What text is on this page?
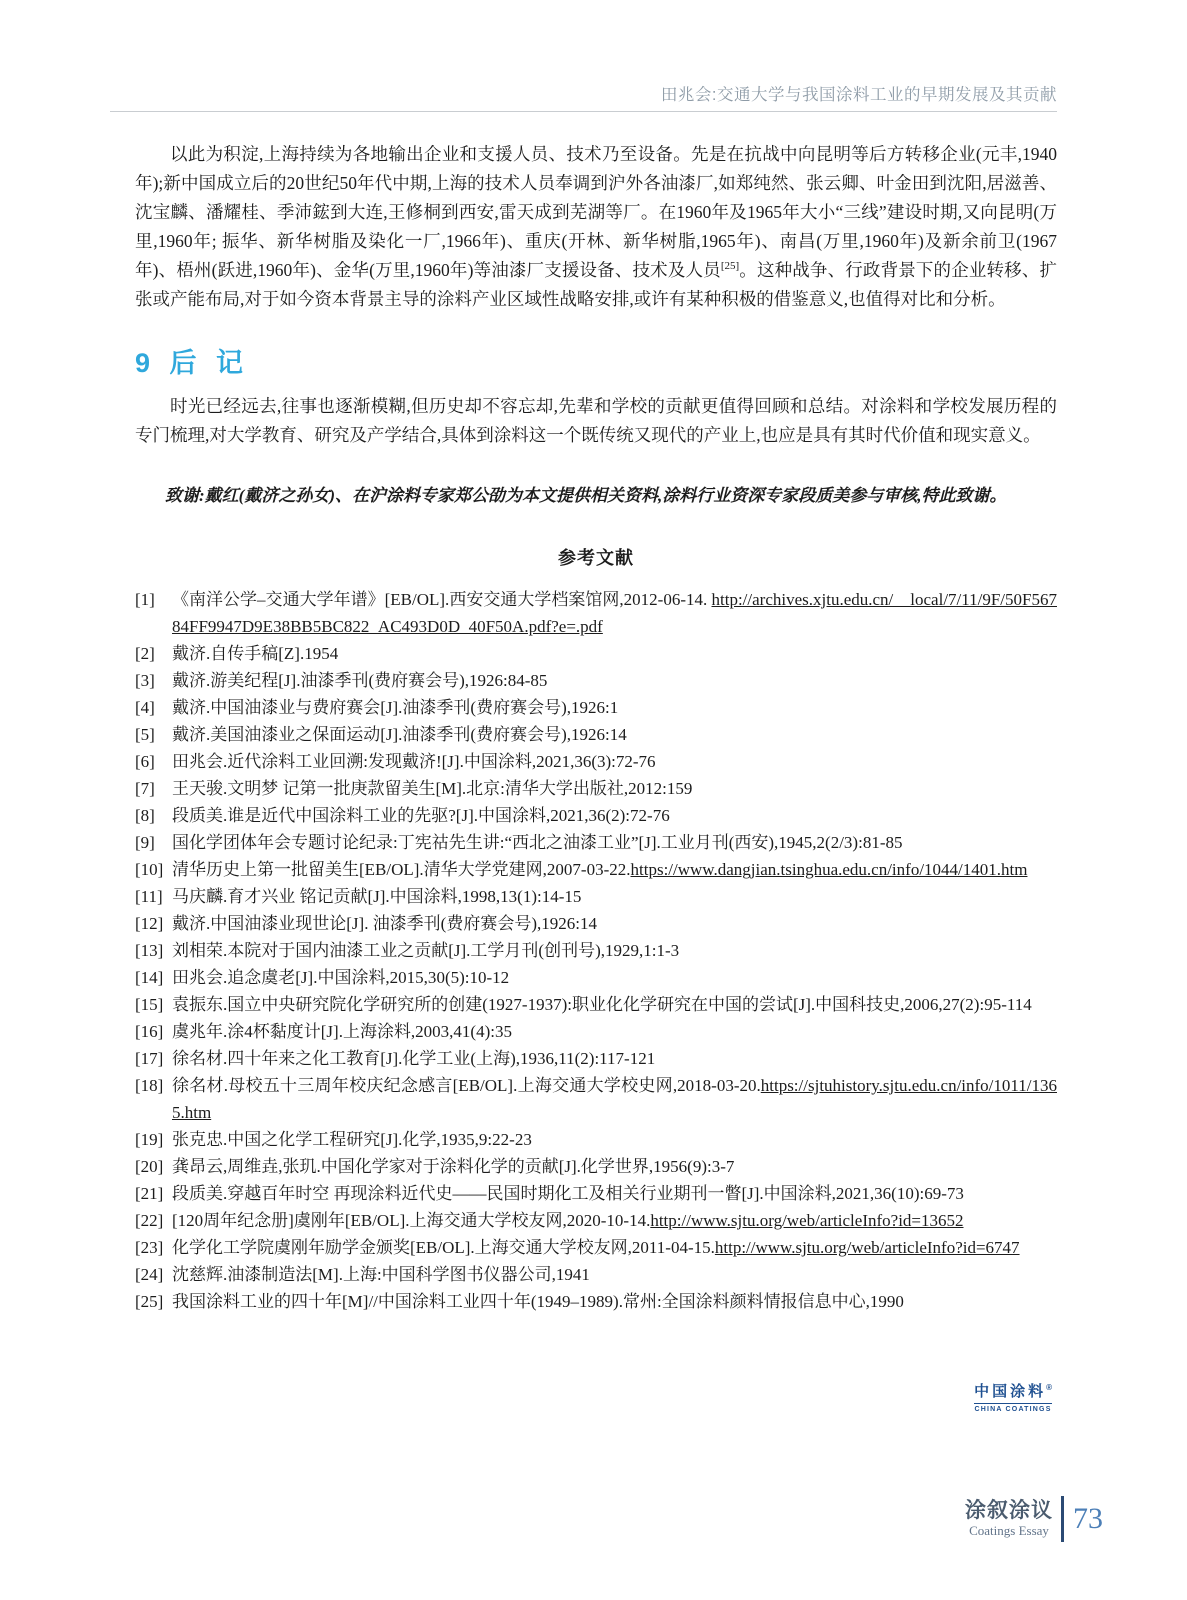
田兆会:交通大学与我国涂料工业的早期发展及其贡献

以此为积淀,上海持续为各地输出企业和支援人员、技术乃至设备。先是在抗战中向昆明等后方转移企业(元丰,1940年);新中国成立后的20世纪50年代中期,上海的技术人员奉调到沪外各油漆厂,如郑纯然、张云卿、叶金田到沈阳,居滋善、沈宝麟、潘耀桂、季沛鋐到大连,王修桐到西安,雷天成到芜湖等厂。在1960年及1965年大小“三线”建设时期,又向昆明(万里,1960年; 振华、新华树脂及染化一厂,1966年)、重庆(开林、新华树脂,1965年)、南昌(万里,1960年)及新余前卫(1967年)、梧州(跃进,1960年)、金华(万里,1960年)等油漆厂支援设备、技术及人员[25]。这种战争、行政背景下的企业转移、扩张或产能布局,对于如今资本背景主导的涂料产业区域性战略安排,或许有某种积极的借鉴意义,也值得对比和分析。

9 后 记

时光已经远去,往事也逐渐模糊,但历史却不容忘却,先辈和学校的贡献更值得回顾和总结。对涂料和学校发展历程的专门梳理,对大学教育、研究及产学结合,具体到涂料这一个既传统又现代的产业上,也应是具有其时代价值和现实意义。

致谢:戴红(戴济之孙女)、在沪涂料专家郑公劭为本文提供相关资料,涂料行业资深专家段质美参与审核,特此致谢。

参考文献
[1] 《南洋公学–交通大学年谱》[EB/OL].西安交通大学档案馆网,2012-06-14. http://archives.xjtu.edu.cn/__local/7/11/9F/50F56784FF9947D9E38BB5BC822_AC493D0D_40F50A.pdf?e=.pdf
[2] 戴济.自传手稿[Z].1954
[3] 戴济.游美纪程[J].油漆季刊(费府赛会号),1926:84-85
[4] 戴济.中国油漆业与费府赛会[J].油漆季刊(费府赛会号),1926:1
[5] 戴济.美国油漆业之保面运动[J].油漆季刊(费府赛会号),1926:14
[6] 田兆会.近代涂料工业回溯:发现戴济![J].中国涂料,2021,36(3):72-76
[7] 王天骏.文明梦 记第一批庚款留美生[M].北京:清华大学出版社,2012:159
[8] 段质美.谁是近代中国涂料工业的先驱?[J].中国涂料,2021,36(2):72-76
[9] 国化学团体年会专题讨论纪录:丁宪祜先生讲:“西北之油漆工业”[J].工业月刊(西安),1945,2(2/3):81-85
[10] 清华历史上第一批留美生[EB/OL].清华大学党建网,2007-03-22.https://www.dangjian.tsinghua.edu.cn/info/1044/1401.htm
[11] 马庆麟.育才兴业 铭记贡献[J].中国涂料,1998,13(1):14-15
[12] 戴济.中国油漆业现世论[J]. 油漆季刊(费府赛会号),1926:14
[13] 刘相荣.本院对于国内油漆工业之贡献[J].工学月刊(创刊号),1929,1:1-3
[14] 田兆会.追念虞老[J].中国涂料,2015,30(5):10-12
[15] 袁振东.国立中央研究院化学研究所的创建(1927-1937):职业化化学研究在中国的尝试[J].中国科技史,2006,27(2):95-114
[16] 虞兆年.涂4杯黏度计[J].上海涂料,2003,41(4):35
[17] 徐名材.四十年来之化工教育[J].化学工业(上海),1936,11(2):117-121
[18] 徐名材.母校五十三周年校庆纪念感言[EB/OL].上海交通大学校史网,2018-03-20.https://sjtuhistory.sjtu.edu.cn/info/1011/1365.htm
[19] 张克忠.中国之化学工程研究[J].化学,1935,9:22-23
[20] 龚昂云,周维垚,张玑.中国化学家对于涂料化学的贡献[J].化学世界,1956(9):3-7
[21] 段质美.穿越百年时空 再现涂料近代史——民国时期化工及相关行业期刊一瞥[J].中国涂料,2021,36(10):69-73
[22] [120周年纪念册]虞刚年[EB/OL].上海交通大学校友网,2020-10-14.http://www.sjtu.org/web/articleInfo?id=13652
[23] 化学化工学院虞刚年励学金颁奖[EB/OL].上海交通大学校友网,2011-04-15.http://www.sjtu.org/web/articleInfo?id=6747
[24] 沈慈辉.油漆制造法[M].上海:中国科学图书仪器公司,1941
[25] 我国涂料工业的四十年[M]//中国涂料工业四十年(1949–1989).常州:全国涂料颜料情报信息中心,1990
中国涂料®
CHINA COATINGS
涂叙涂议
Coatings Essay 73
